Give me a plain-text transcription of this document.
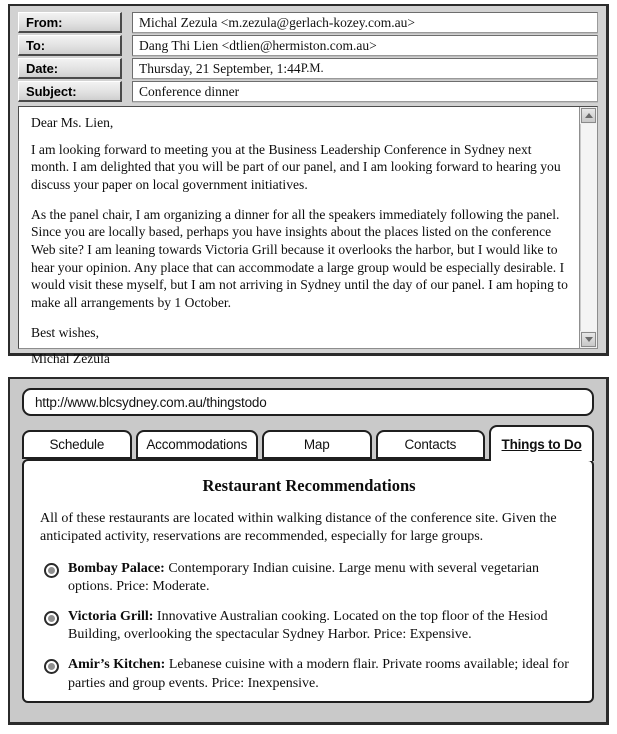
From:	Michal Zezula <m.zezula@gerlach-kozey.com.au>
To:	Dang Thi Lien <dtlien@hermiston.com.au>
Date:	Thursday, 21 September, 1:44 P.M.
Subject:	Conference dinner

Dear Ms. Lien,

I am looking forward to meeting you at the Business Leadership Conference in Sydney next month. I am delighted that you will be part of our panel, and I am looking forward to hearing you discuss your paper on local government initiatives.

As the panel chair, I am organizing a dinner for all the speakers immediately following the panel. Since you are locally based, perhaps you have insights about the places listed on the conference Web site? I am leaning towards Victoria Grill because it overlooks the harbor, but I would like to hear your opinion. Any place that can accommodate a large group would be especially desirable. I would visit these myself, but I am not arriving in Sydney until the day of our panel. I am hoping to make all arrangements by 1 October.

Best wishes,

Michal Zezula

http://www.blcsydney.com.au/thingstodo
Schedule	Accommodations	Map	Contacts	Things to Do
Restaurant Recommendations
All of these restaurants are located within walking distance of the conference site. Given the anticipated activity, reservations are recommended, especially for large groups.
Bombay Palace: Contemporary Indian cuisine. Large menu with several vegetarian options. Price: Moderate.
Victoria Grill: Innovative Australian cooking. Located on the top floor of the Hesiod Building, overlooking the spectacular Sydney Harbor. Price: Expensive.
Amir’s Kitchen: Lebanese cuisine with a modern flair. Private rooms available; ideal for parties and group events. Price: Inexpensive.
